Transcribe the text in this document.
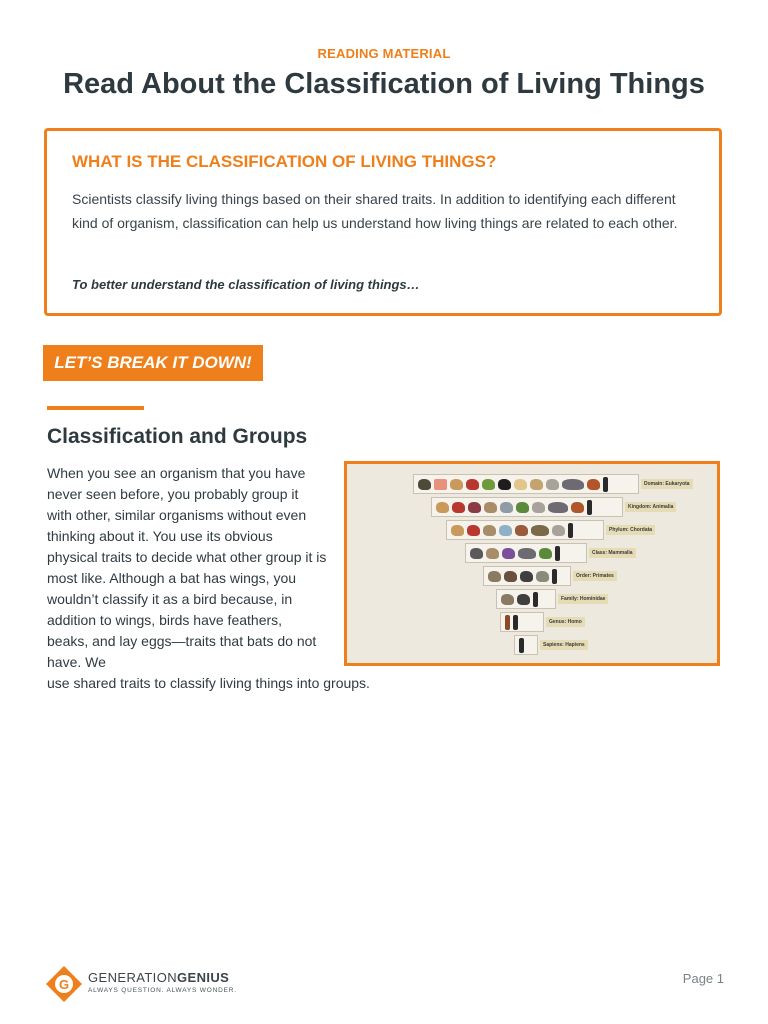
READING MATERIAL
Read About the Classification of Living Things
WHAT IS THE CLASSIFICATION OF LIVING THINGS?

Scientists classify living things based on their shared traits. In addition to identifying each different kind of organism, classification can help us understand how living things are related to each other.

To better understand the classification of living things…
LET’S BREAK IT DOWN!
Classification and Groups
When you see an organism that you have never seen before, you probably group it with other, similar organisms without even thinking about it. You use its obvious physical traits to decide what other group it is most like. Although a bat has wings, you wouldn’t classify it as a bird because, in addition to wings, birds have feathers, beaks, and lay eggs—traits that bats do not have. We
use shared traits to classify living things into groups.
Domain: Eukaryota
Kingdom: Animalia
Phylum: Chordata
Class: Mammalia
Order: Primates
Family: Hominidae
Genus: Homo
Sapiens: Hapiens
G GENERATIONGENIUS
ALWAYS QUESTION. ALWAYS WONDER.
Page 1
